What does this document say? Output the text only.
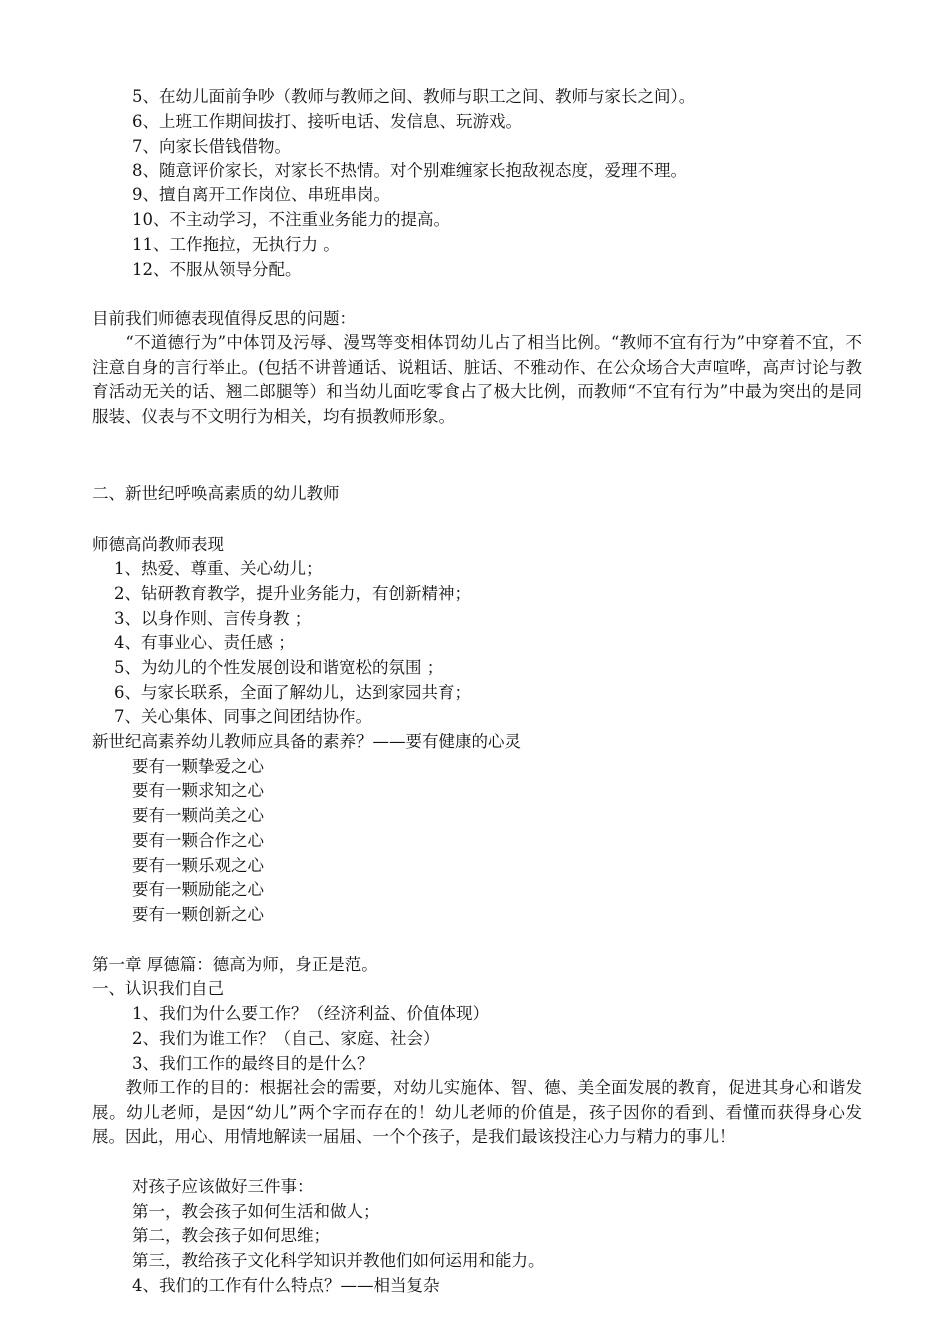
5、在幼儿面前争吵（教师与教师之间、教师与职工之间、教师与家长之间）。
6、上班工作期间拔打、接听电话、发信息、玩游戏。
7、向家长借钱借物。
8、随意评价家长，对家长不热情。对个别难缠家长抱敌视态度，爱理不理。
9、擅自离开工作岗位、串班串岗。
10、不主动学习，不注重业务能力的提高。
11、工作拖拉，无执行力 。
12、不服从领导分配。
目前我们师德表现值得反思的问题：
　　“不道德行为”中体罚及污辱、漫骂等变相体罚幼儿占了相当比例。“教师不宜有行为”中穿着不宜，不注意自身的言行举止。(包括不讲普通话、说粗话、脏话、不雅动作、在公众场合大声喧哗，高声讨论与教育活动无关的话、翘二郎腿等）和当幼儿面吃零食占了极大比例，而教师“不宜有行为”中最为突出的是同服装、仪表与不文明行为相关，均有损教师形象。
二、新世纪呼唤高素质的幼儿教师
师德高尚教师表现
1、热爱、尊重、关心幼儿；
2、钻研教育教学，提升业务能力，有创新精神；
3、以身作则、言传身教 ；
4、有事业心、责任感 ；
5、为幼儿的个性发展创设和谐宽松的氛围 ；
6、与家长联系，全面了解幼儿，达到家园共育；
7、关心集体、同事之间团结协作。
新世纪高素养幼儿教师应具备的素养？——要有健康的心灵
要有一颗挚爱之心
要有一颗求知之心
要有一颗尚美之心
要有一颗合作之心
要有一颗乐观之心
要有一颗励能之心
要有一颗创新之心
第一章 厚德篇：德高为师，身正是范。
一、认识我们自己
1、我们为什么要工作？（经济利益、价值体现）
2、我们为谁工作？（自己、家庭、社会）
3、我们工作的最终目的是什么？
　　教师工作的目的：根据社会的需要，对幼儿实施体、智、德、美全面发展的教育，促进其身心和谐发展。幼儿老师，是因“幼儿”两个字而存在的！幼儿老师的价值是，孩子因你的看到、看懂而获得身心发展。因此，用心、用情地解读一届届、一个个孩子，是我们最该投注心力与精力的事儿！
对孩子应该做好三件事：
第一，教会孩子如何生活和做人；
第二，教会孩子如何思维；
第三，教给孩子文化科学知识并教他们如何运用和能力。
4、我们的工作有什么特点？——相当复杂
